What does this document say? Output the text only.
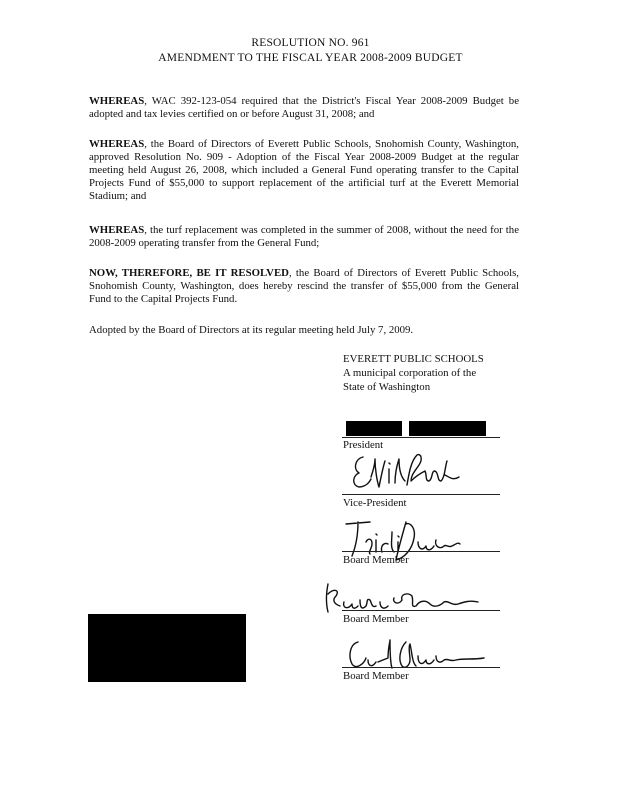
RESOLUTION NO. 961
AMENDMENT TO THE FISCAL YEAR 2008-2009 BUDGET
WHEREAS, WAC 392-123-054 required that the District's Fiscal Year 2008-2009 Budget be adopted and tax levies certified on or before August 31, 2008; and
WHEREAS, the Board of Directors of Everett Public Schools, Snohomish County, Washington, approved Resolution No. 909 - Adoption of the Fiscal Year 2008-2009 Budget at the regular meeting held August 26, 2008, which included a General Fund operating transfer to the Capital Projects Fund of $55,000 to support replacement of the artificial turf at the Everett Memorial Stadium; and
WHEREAS, the turf replacement was completed in the summer of 2008, without the need for the 2008-2009 operating transfer from the General Fund;
NOW, THEREFORE, BE IT RESOLVED, the Board of Directors of Everett Public Schools, Snohomish County, Washington, does hereby rescind the transfer of $55,000 from the General Fund to the Capital Projects Fund.
Adopted by the Board of Directors at its regular meeting held July 7, 2009.
EVERETT PUBLIC SCHOOLS
A municipal corporation of the
State of Washington
President
Vice-President
Board Member
Board Member
Board Member
